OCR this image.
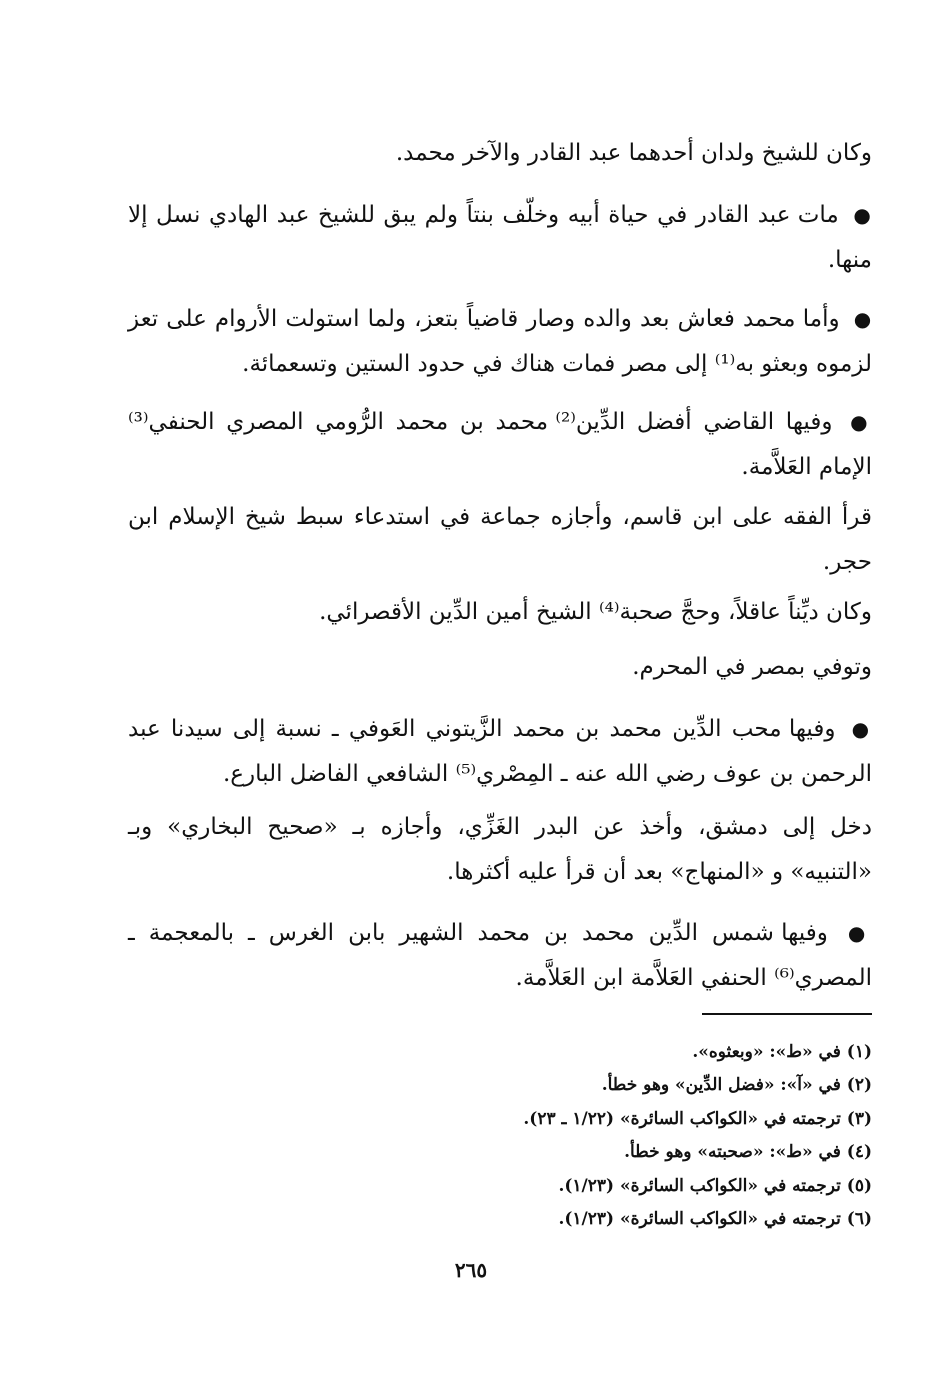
وكان للشيخ ولدان أحدهما عبد القادر والآخر محمد.

● مات عبد القادر في حياة أبيه وخلّف بنتاً ولم يبق للشيخ عبد الهادي نسل إلا منها.

● وأما محمد فعاش بعد والده وصار قاضياً بتعز، ولما استولت الأروام على تعز لزموه وبعثو به⁽¹⁾ إلى مصر فمات هناك في حدود الستين وتسعمائة.

● وفيها القاضي أفضل الدِّين⁽²⁾ محمد بن محمد الرُّومي المصري الحنفي⁽³⁾ الإمام العَلاَّمة.

قرأ الفقه على ابن قاسم، وأجازه جماعة في استدعاء سبط شيخ الإسلام ابن حجر.

وكان ديِّناً عاقلاً، وحجَّ صحبة⁽⁴⁾ الشيخ أمين الدِّين الأقصرائي.

وتوفي بمصر في المحرم.

● وفيها محب الدِّين محمد بن محمد الزَّيتوني العَوفي ـ نسبة إلى سيدنا عبد الرحمن بن عوف رضي الله عنه ـ المِصْري⁽⁵⁾ الشافعي الفاضل البارع.

دخل إلى دمشق، وأخذ عن البدر الغَزِّي، وأجازه بـ «صحيح البخاري» وبـ «التنبيه» و «المنهاج» بعد أن قرأ عليه أكثرها.

● وفيها شمس الدِّين محمد بن محمد الشهير بابن الغرس ـ بالمعجمة ـ المصري⁽⁶⁾ الحنفي العَلاَّمة ابن العَلاَّمة.

(١) في «ط»: «وبعثوه».
(٢) في «آ»: «فضل الدِّين» وهو خطأ.
(٣) ترجمته في «الكواكب السائرة» (١/٢٢ ـ ٢٣).
(٤) في «ط»: «صحبته» وهو خطأ.
(٥) ترجمته في «الكواكب السائرة» (١/٢٣).
(٦) ترجمته في «الكواكب السائرة» (١/٢٣).
٢٦٥
